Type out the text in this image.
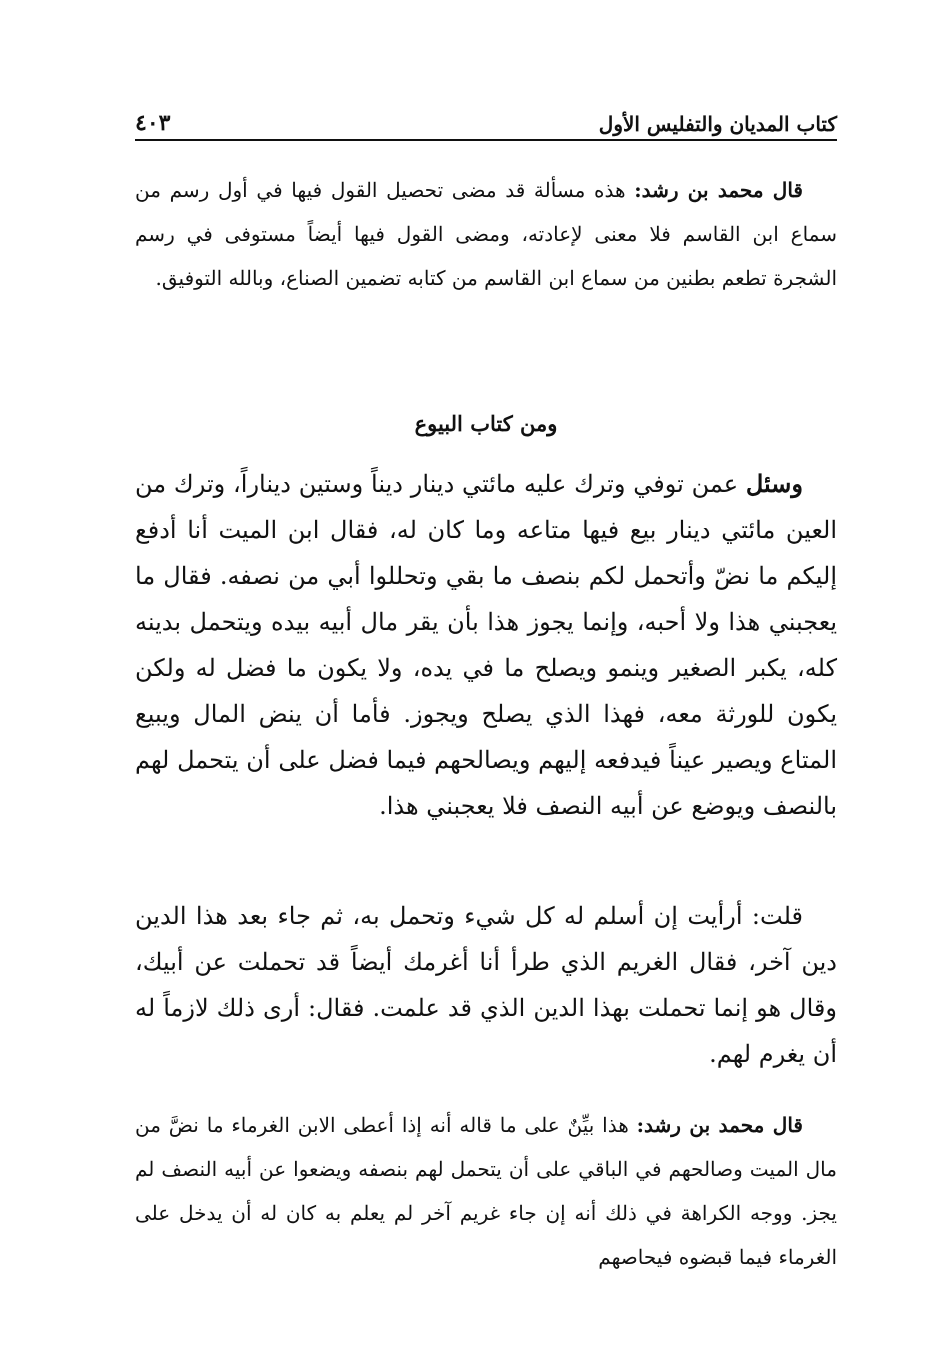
كتاب المديان والتفليس الأول
٤٠٣

قال محمد بن رشد: هذه مسألة قد مضى تحصيل القول فيها في أول رسم من سماع ابن القاسم فلا معنى لإعادته، ومضى القول فيها أيضاً مستوفى في رسم الشجرة تطعم بطنين من سماع ابن القاسم من كتابه تضمين الصناع، وبالله التوفيق.

ومن كتاب البيوع

وسئل عمن توفي وترك عليه مائتي دينار ديناً وستين ديناراً، وترك من العين مائتي دينار بيع فيها متاعه وما كان له، فقال ابن الميت أنا أدفع إليكم ما نضّ وأتحمل لكم بنصف ما بقي وتحللوا أبي من نصفه. فقال ما يعجبني هذا ولا أحبه، وإنما يجوز هذا بأن يقر مال أبيه بيده ويتحمل بدينه كله، يكبر الصغير وينمو ويصلح ما في يده، ولا يكون ما فضل له ولكن يكون للورثة معه، فهذا الذي يصلح ويجوز. فأما أن ينض المال ويبيع المتاع ويصير عيناً فيدفعه إليهم ويصالحهم فيما فضل على أن يتحمل لهم بالنصف ويوضع عن أبيه النصف فلا يعجبني هذا.

قلت: أرأيت إن أسلم له كل شيء وتحمل به، ثم جاء بعد هذا الدين دين آخر، فقال الغريم الذي طرأ أنا أغرمك أيضاً قد تحملت عن أبيك، وقال هو إنما تحملت بهذا الدين الذي قد علمت. فقال: أرى ذلك لازماً له أن يغرم لهم.

قال محمد بن رشد: هذا بيِّنٌ على ما قاله أنه إذا أعطى الابن الغرماء ما نضَّ من مال الميت وصالحهم في الباقي على أن يتحمل لهم بنصفه ويضعوا عن أبيه النصف لم يجز. ووجه الكراهة في ذلك أنه إن جاء غريم آخر لم يعلم به كان له أن يدخل على الغرماء فيما قبضوه فيحاصهم
